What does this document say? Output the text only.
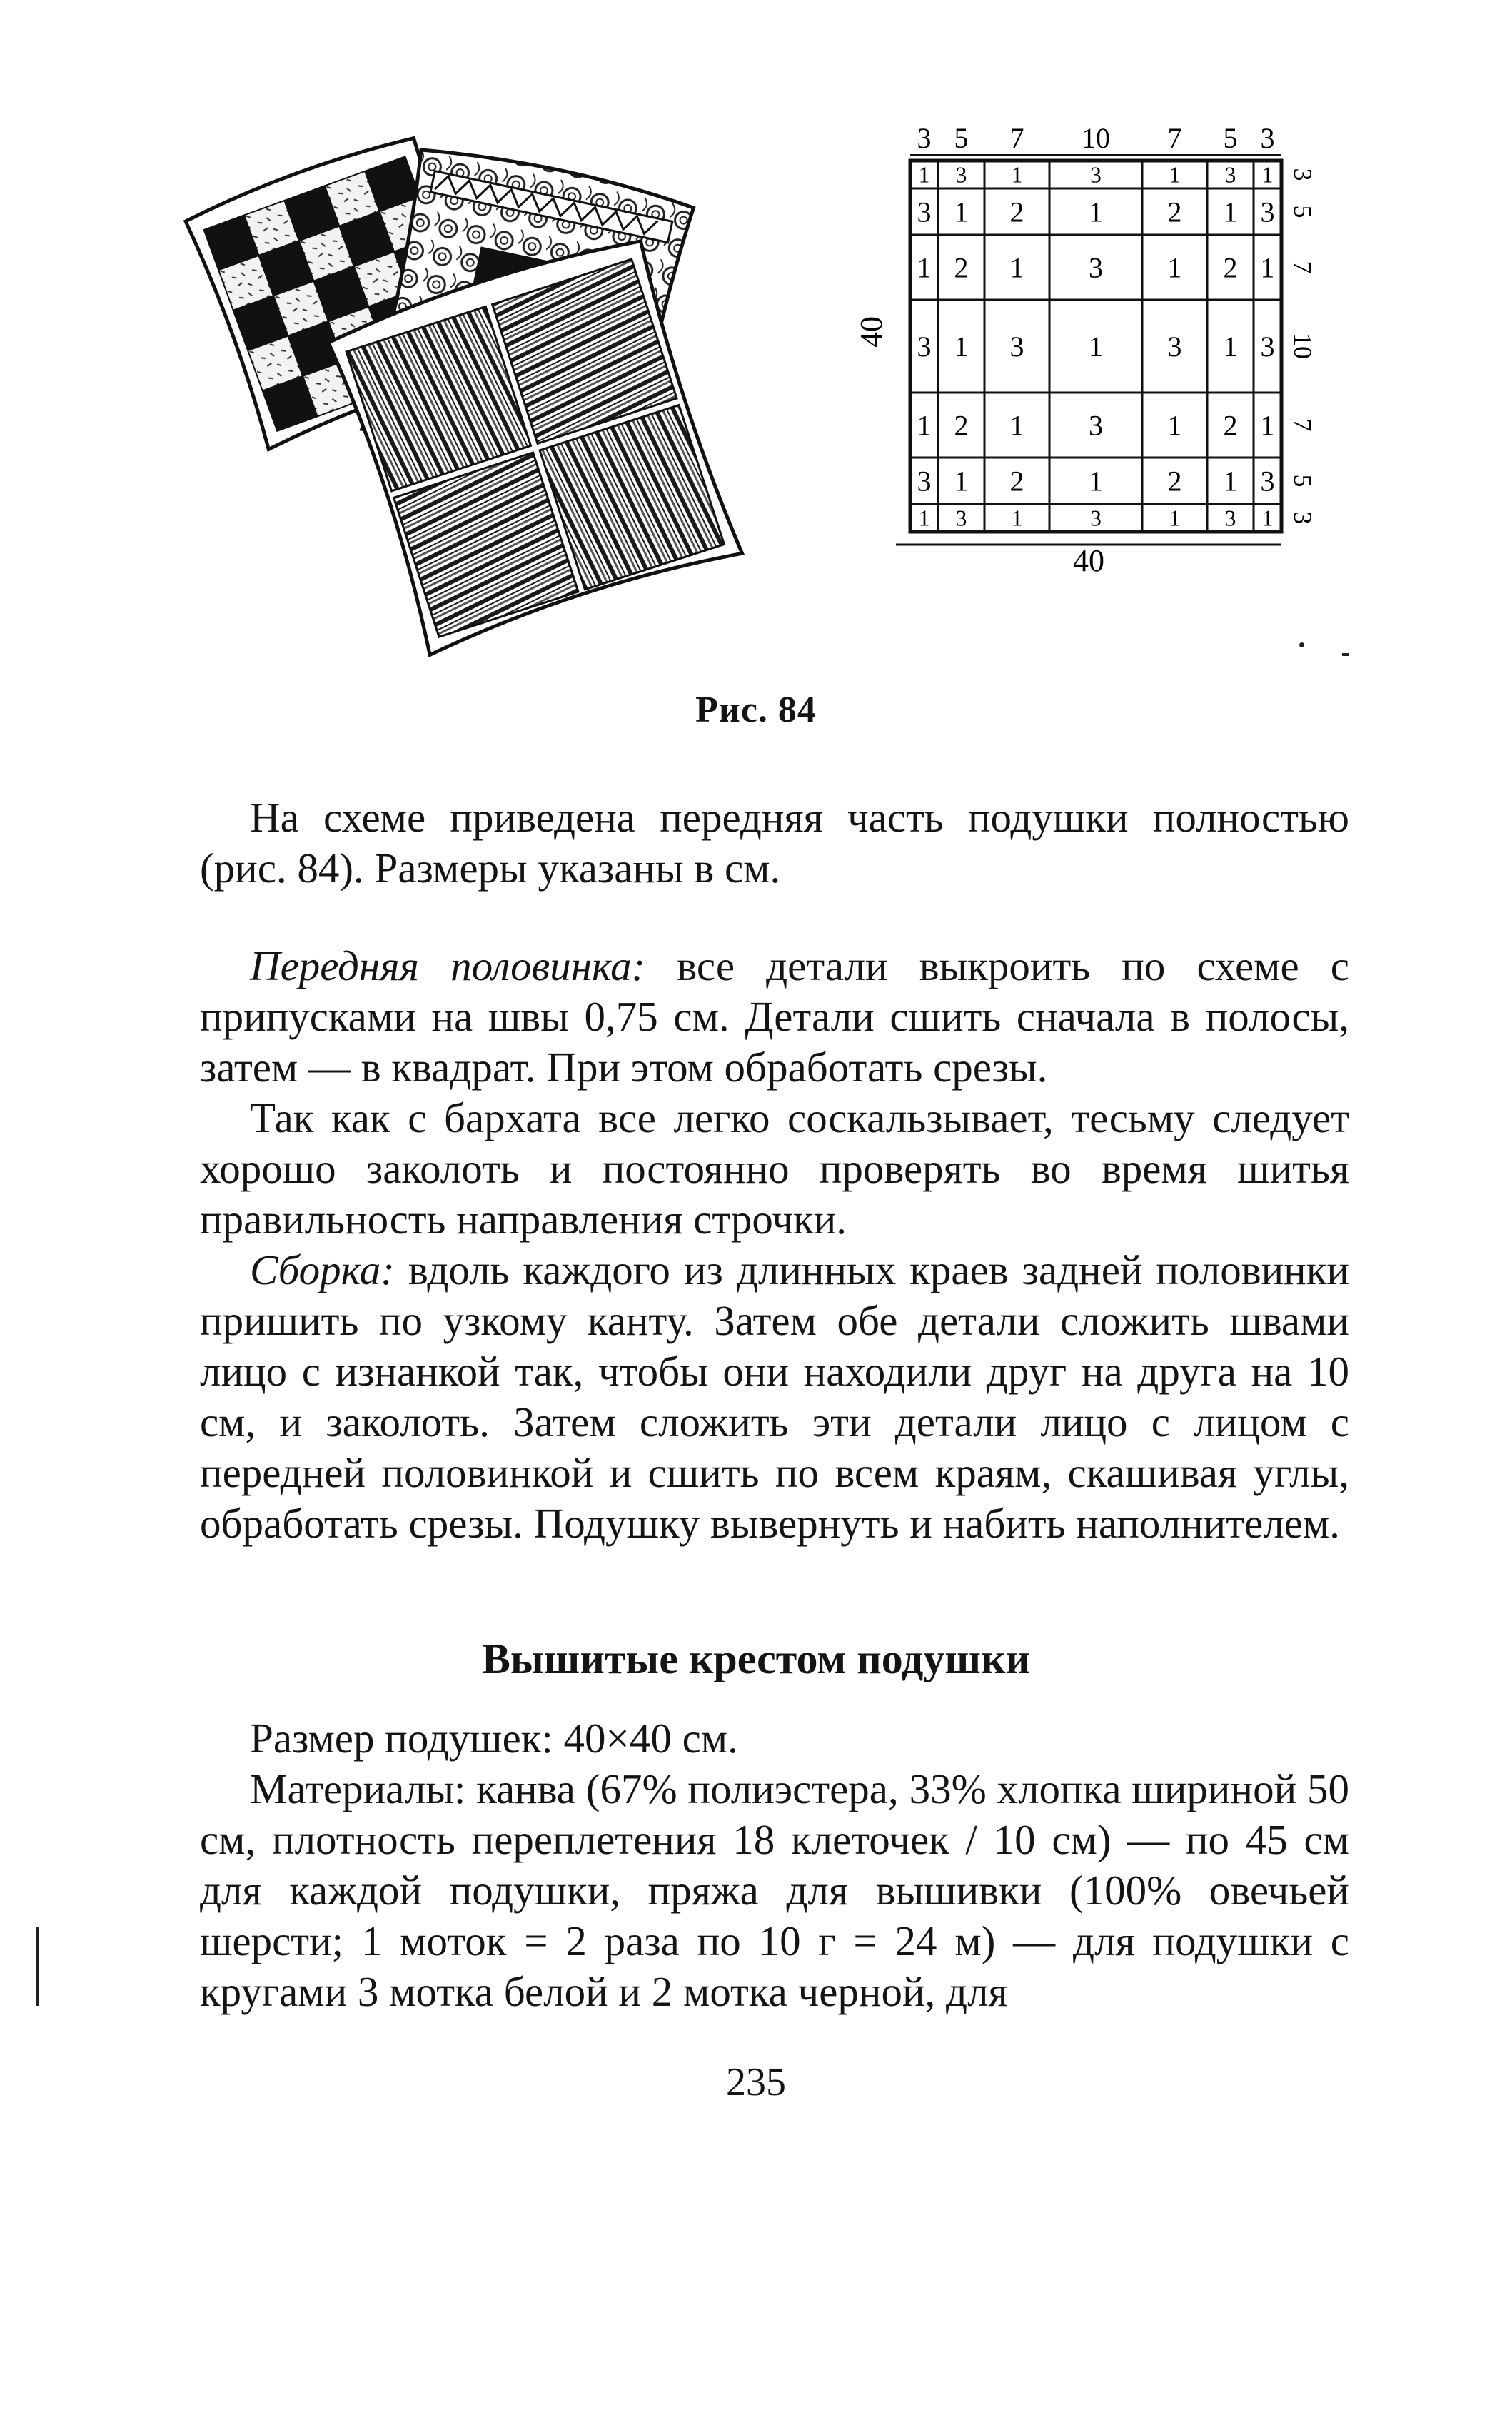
1 3 1	3	1 3 1
3 1 2 1 2 1 3
1 2 1 3 1 2 1
3 1 3 1 3 1 3
1 2 1 3 1 2 1
3 1 2 1 2 1 3
1 3 1	3	1 3 1
3 5 7 10 7 5 3
3
5
7
10
7
5
3
40
40
Рис. 84
На схеме приведена передняя часть подушки полностью (рис. 84). Размеры указаны в см.
Передняя половинка: все детали выкроить по схеме с припусками на швы 0,75 см. Детали сшить сначала в полосы, затем — в квадрат. При этом обработать срезы.
Так как с бархата все легко соскальзывает, тесьму следует хорошо заколоть и постоянно проверять во время шитья правильность направления строчки.
Сборка: вдоль каждого из длинных краев задней половинки пришить по узкому канту. Затем обе детали сложить швами лицо с изнанкой так, чтобы они находили друг на друга на 10 см, и заколоть. Затем сложить эти детали лицо с лицом с передней половинкой и сшить по всем краям, скашивая углы, обработать срезы. Подушку вывернуть и набить наполнителем.
Вышитые крестом подушки
Размер подушек: 40×40 см.
Материалы: канва (67% полиэстера, 33% хлопка шириной 50 см, плотность переплетения 18 клеточек / 10 см) — по 45 см для каждой подушки, пряжа для вышивки (100% овечьей шерсти; 1 моток = 2 раза по 10 г = 24 м) — для подушки с кругами 3 мотка белой и 2 мотка черной, для
235
